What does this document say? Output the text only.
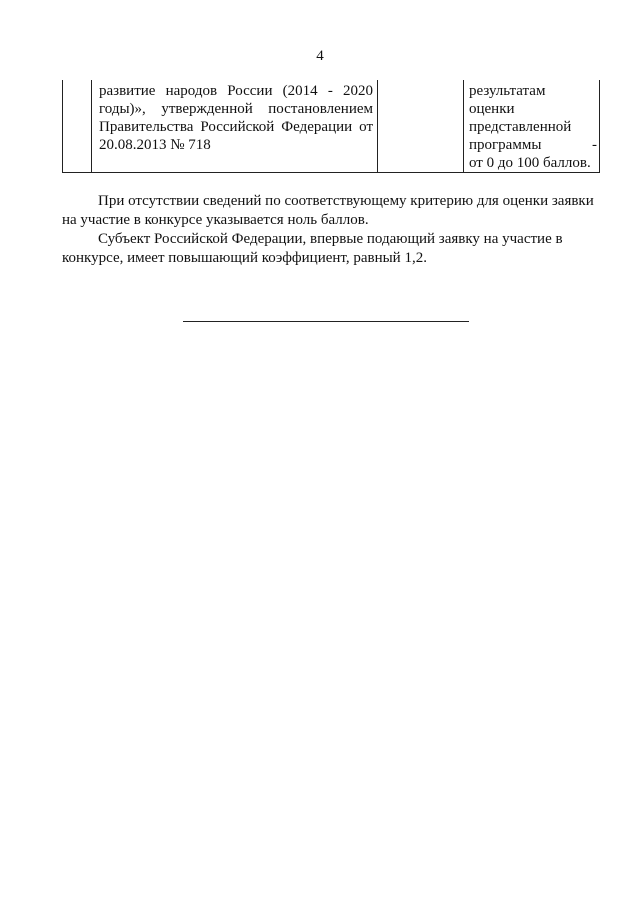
4
развитие народов России (2014 - 2020
годы)», утвержденной постановлением
Правительства Российской Федерации от
20.08.2013 № 718
результатам
оценки
представленной
программы	-
от 0 до 100 баллов.
При отсутствии сведений по соответствующему критерию для оценки заявки
на участие в конкурсе указывается ноль баллов.
Субъект Российской Федерации, впервые подающий заявку на участие в
конкурсе, имеет повышающий коэффициент, равный 1,2.
